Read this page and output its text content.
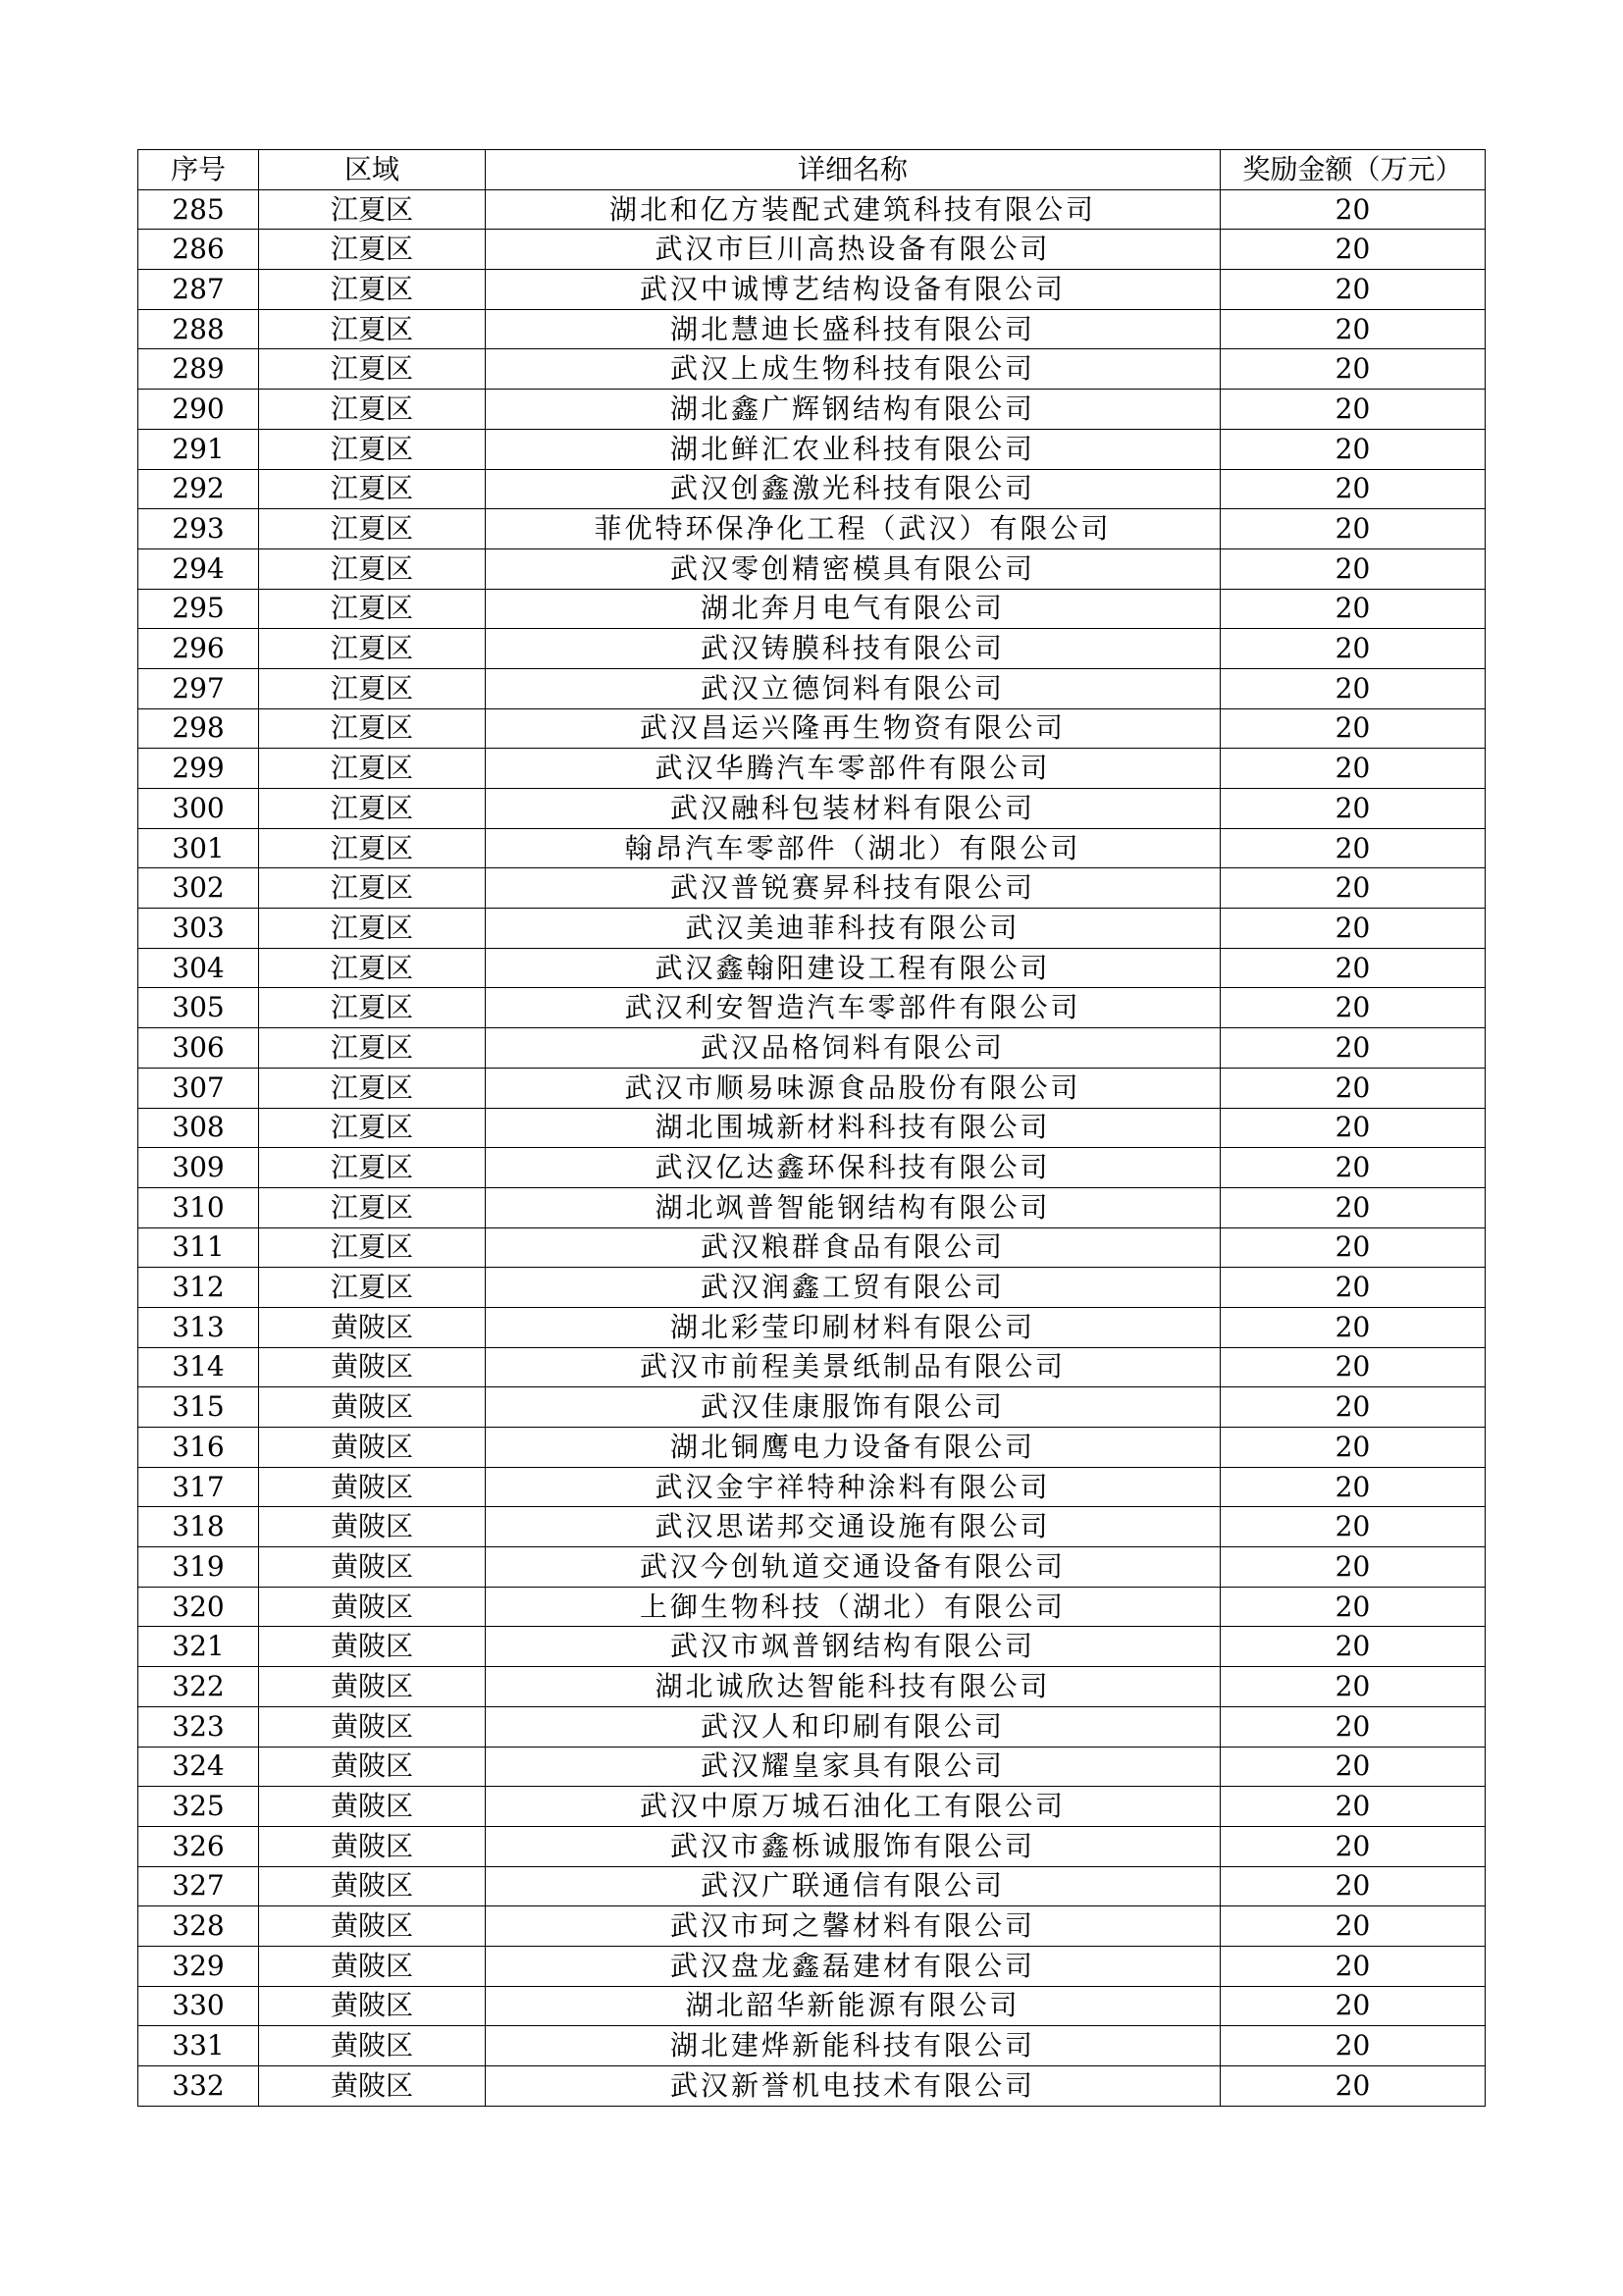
序号	区域	详细名称	奖励金额（万元）
285	江夏区	湖北和亿方装配式建筑科技有限公司	20
286	江夏区	武汉市巨川高热设备有限公司	20
287	江夏区	武汉中诚博艺结构设备有限公司	20
288	江夏区	湖北慧迪长盛科技有限公司	20
289	江夏区	武汉上成生物科技有限公司	20
290	江夏区	湖北鑫广辉钢结构有限公司	20
291	江夏区	湖北鲜汇农业科技有限公司	20
292	江夏区	武汉创鑫激光科技有限公司	20
293	江夏区	菲优特环保净化工程（武汉）有限公司	20
294	江夏区	武汉零创精密模具有限公司	20
295	江夏区	湖北奔月电气有限公司	20
296	江夏区	武汉铸膜科技有限公司	20
297	江夏区	武汉立德饲料有限公司	20
298	江夏区	武汉昌运兴隆再生物资有限公司	20
299	江夏区	武汉华腾汽车零部件有限公司	20
300	江夏区	武汉融科包装材料有限公司	20
301	江夏区	翰昂汽车零部件（湖北）有限公司	20
302	江夏区	武汉普锐赛昇科技有限公司	20
303	江夏区	武汉美迪菲科技有限公司	20
304	江夏区	武汉鑫翰阳建设工程有限公司	20
305	江夏区	武汉利安智造汽车零部件有限公司	20
306	江夏区	武汉品格饲料有限公司	20
307	江夏区	武汉市顺易味源食品股份有限公司	20
308	江夏区	湖北围城新材料科技有限公司	20
309	江夏区	武汉亿达鑫环保科技有限公司	20
310	江夏区	湖北飒普智能钢结构有限公司	20
311	江夏区	武汉粮群食品有限公司	20
312	江夏区	武汉润鑫工贸有限公司	20
313	黄陂区	湖北彩莹印刷材料有限公司	20
314	黄陂区	武汉市前程美景纸制品有限公司	20
315	黄陂区	武汉佳康服饰有限公司	20
316	黄陂区	湖北铜鹰电力设备有限公司	20
317	黄陂区	武汉金宇祥特种涂料有限公司	20
318	黄陂区	武汉思诺邦交通设施有限公司	20
319	黄陂区	武汉今创轨道交通设备有限公司	20
320	黄陂区	上御生物科技（湖北）有限公司	20
321	黄陂区	武汉市飒普钢结构有限公司	20
322	黄陂区	湖北诚欣达智能科技有限公司	20
323	黄陂区	武汉人和印刷有限公司	20
324	黄陂区	武汉耀皇家具有限公司	20
325	黄陂区	武汉中原万城石油化工有限公司	20
326	黄陂区	武汉市鑫栎诚服饰有限公司	20
327	黄陂区	武汉广联通信有限公司	20
328	黄陂区	武汉市珂之馨材料有限公司	20
329	黄陂区	武汉盘龙鑫磊建材有限公司	20
330	黄陂区	湖北韶华新能源有限公司	20
331	黄陂区	湖北建烨新能科技有限公司	20
332	黄陂区	武汉新誉机电技术有限公司	20
